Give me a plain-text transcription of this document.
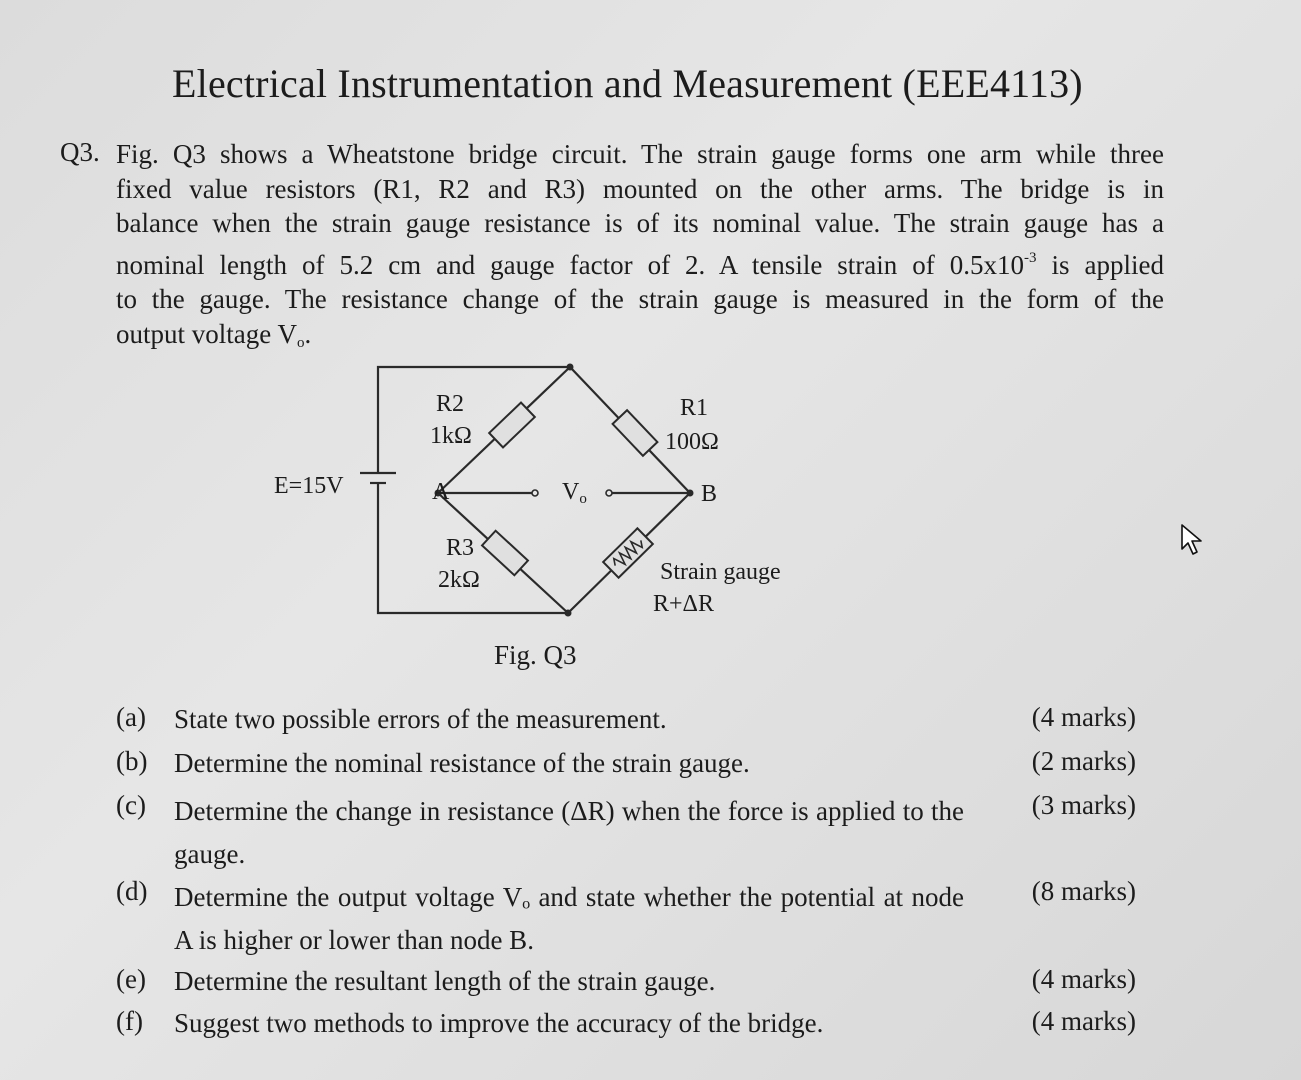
Electrical Instrumentation and Measurement (EEE4113)
Q3. Fig. Q3 shows a Wheatstone bridge circuit. The strain gauge forms one arm while three
fixed value resistors (R1, R2 and R3) mounted on the other arms. The bridge is in
balance when the strain gauge resistance is of its nominal value. The strain gauge has a
nominal length of 5.2 cm and gauge factor of 2. A tensile strain of $0.5x10^{-3}$ is applied
to the gauge. The resistance change of the strain gauge is measured in the form of the
output voltage $V_o$.
R2
1kΩ
R1
100Ω
E=15V	A	B
$V_o$
R3
2kΩ	Strain gauge
R+ΔR
Fig. Q3
(a) State two possible errors of the measurement.	(4 marks)
(b) Determine the nominal resistance of the strain gauge.	(2 marks)
(c) Determine the change in resistance (ΔR) when the force is applied to the gauge.
(3 marks)
(d) Determine the output voltage Vₒ and state whether the potential at node A is higher or lower than node B.
(8 marks)
(e) Determine the resultant length of the strain gauge.	(4 marks)
(f) Suggest two methods to improve the accuracy of the bridge.	(4 marks)
